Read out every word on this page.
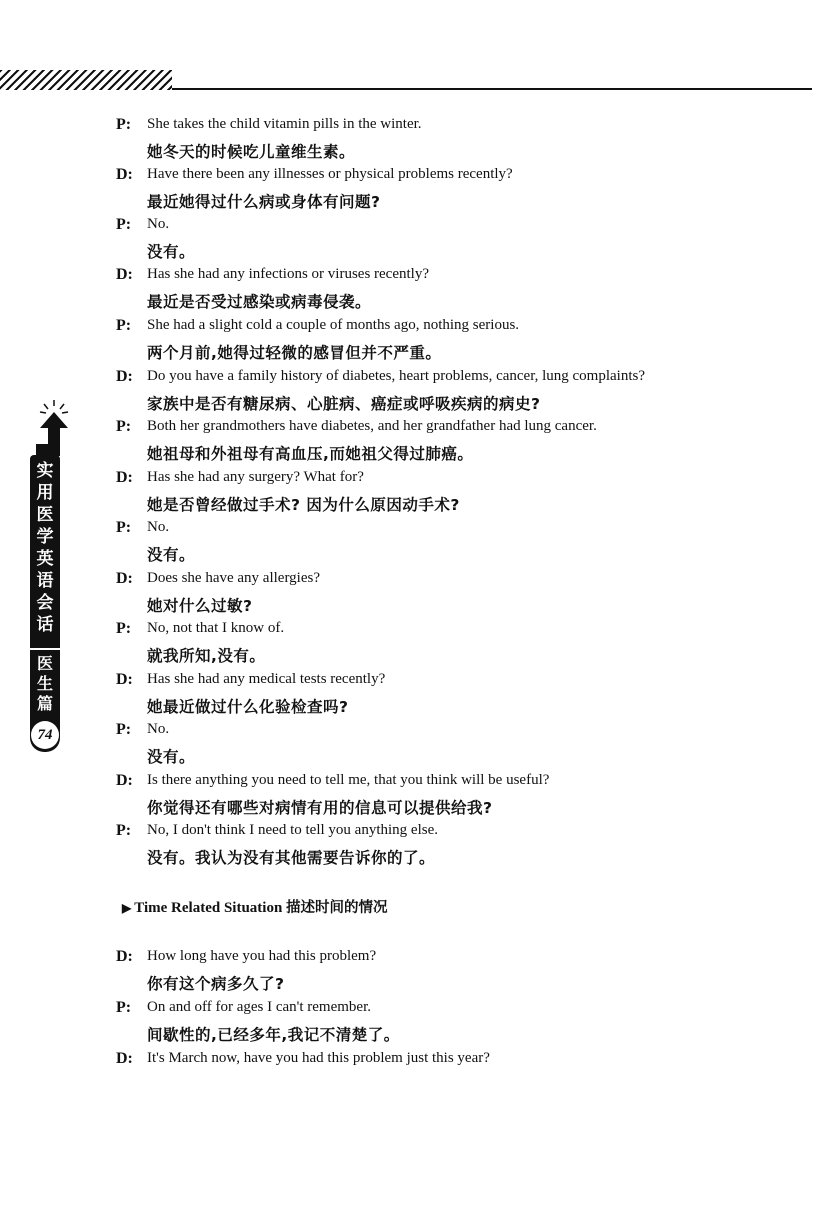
实用医学英语会话
医生篇
74
P: She takes the child vitamin pills in the winter.
她冬天的时候吃儿童维生素。
D: Have there been any illnesses or physical problems recently?
最近她得过什么病或身体有问题?
P: No.
没有。
D: Has she had any infections or viruses recently?
最近是否受过感染或病毒侵袭。
P: She had a slight cold a couple of months ago, nothing serious.
两个月前,她得过轻微的感冒但并不严重。
D: Do you have a family history of diabetes, heart problems, cancer, lung complaints?
家族中是否有糖尿病、心脏病、癌症或呼吸疾病的病史?
P: Both her grandmothers have diabetes, and her grandfather had lung cancer.
她祖母和外祖母有高血压,而她祖父得过肺癌。
D: Has she had any surgery? What for?
她是否曾经做过手术? 因为什么原因动手术?
P: No.
没有。
D: Does she have any allergies?
她对什么过敏?
P: No, not that I know of.
就我所知,没有。
D: Has she had any medical tests recently?
她最近做过什么化验检查吗?
P: No.
没有。
D: Is there anything you need to tell me, that you think will be useful?
你觉得还有哪些对病情有用的信息可以提供给我?
P: No, I don't think I need to tell you anything else.
没有。我认为没有其他需要告诉你的了。
▶ Time Related Situation 描述时间的情况
D: How long have you had this problem?
你有这个病多久了?
P: On and off for ages I can't remember.
间歇性的,已经多年,我记不清楚了。
D: It's March now, have you had this problem just this year?
